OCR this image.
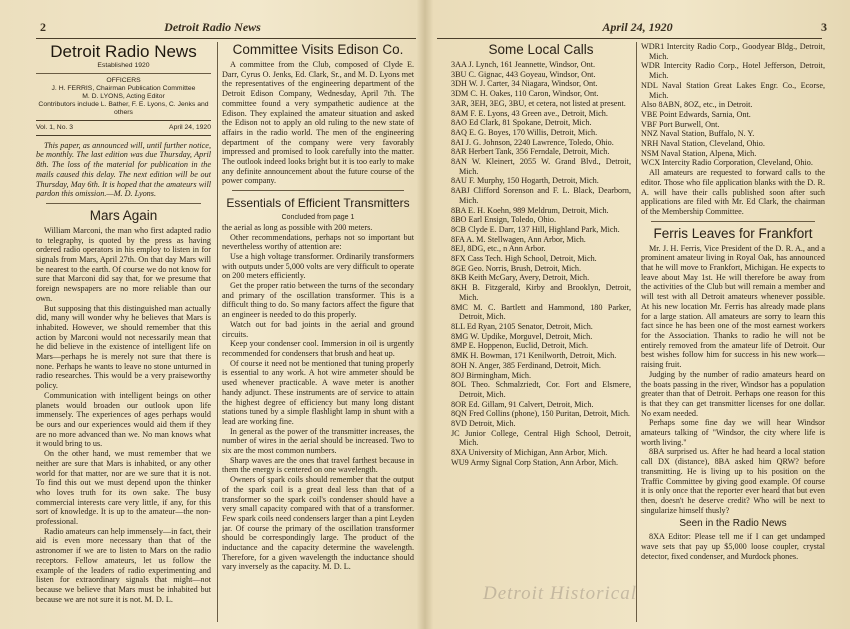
2	Detroit Radio News
Detroit Radio News
Established 1920
OFFICERS
J. H. FERRIS, Chairman Publication Committee
M. D. LYONS, Acting Editor
Contributors include L. Bather, F. E. Lyons, C. Jenks and others
Vol. 1, No. 3	April 24, 1920

This paper, as announced will, until further notice, be monthly. The last edition was due Thursday, April 8th. The loss of the material for publication in the mails caused this delay. The next edition will be out Thursday, May 6th. It is hoped that the amateurs will pardon this omission.—M. D. Lyons.

Mars Again

William Marconi, the man who first adapted radio to telegraphy, is quoted by the press as having ordered radio operators in his employ to listen in for signals from Mars, April 27th. On that day Mars will be nearest to the earth. Of course we do not know for sure that Marconi did say that, for we presume that foreign newspapers are no more reliable than our own.

But supposing that this distinguished man actually did, many will wonder why he believes that Mars is inhabited. However, we should remember that this action by Marconi would not necessarily mean that he did believe in the existence of intelligent life on Mars—perhaps he is merely not sure that there is none. Perhaps he wants to leave no stone unturned in radio researches. This would be a very praiseworthy policy.

Communication with intelligent beings on other planets would broaden our outlook upon life immensely. The experiences of ages perhaps would be ours and our experiences would aid them if they are no more advanced than we. No man knows what it would bring to us.

On the other hand, we must remember that we neither are sure that Mars is inhabited, or any other world for that matter, nor are we sure that it is not. To find this out we must depend upon the thinker who loves truth for its own sake. The busy commercial interests care very little, if any, for this sort of knowledge. It is up to the amateur—the non-professional.

Radio amateurs can help immensely—in fact, their aid is even more necessary than that of the astronomer if we are to listen to Mars on the radio receptors. Fellow amateurs, let us follow the example of the leaders of radio experimenting and listen for extraordinary signals that might—not because we believe that Mars must be inhabited but because we are not sure it is not. M. D. L.

Committee Visits Edison Co.

A committee from the Club, composed of Clyde E. Darr, Cyrus O. Jenks, Ed. Clark, Sr., and M. D. Lyons met the representatives of the engineering department of the Detroit Edison Company, Wednesday, April 7th. The committee found a very sympathetic audience at the Edison. They explained the amateur situation and asked the Edison not to apply an old ruling to the new state of affairs in the radio world. The men of the engineering department of the company were very favorably impressed and promised to look carefully into the matter. The outlook indeed looks bright but it is too early to make any definite announcement about the future course of the power company.

Essentials of Efficient Transmitters
Concluded from page 1

the aerial as long as possible with 200 meters.

Other recommendations, perhaps not so important but nevertheless worthy of attention are:

Use a high voltage transformer. Ordinarily transformers with outputs under 5,000 volts are very difficult to operate on 200 meters efficiently.

Get the proper ratio between the turns of the secondary and primary of the oscillation transformer. This is a difficult thing to do. So many factors affect the figure that an engineer is needed to do this properly.

Watch out for bad joints in the aerial and ground circuits.

Keep your condenser cool. Immersion in oil is urgently recommended for condensers that brush and heat up.

Of course it need not be mentioned that tuning properly is essential to any work. A hot wire ammeter should be used whenever practicable. A wave meter is another handy adjunct. These instruments are of service to attain the highest degree of efficiency but many long distant stations tuned by a simple flashlight lamp in shunt with a lead are working fine.

In general as the power of the transmitter increases, the number of wires in the aerial should be increased. Two to six are the most common numbers.

Sharp waves are the ones that travel farthest because in them the energy is centered on one wavelength.

Owners of spark coils should remember that the output of the spark coil is a great deal less than that of a transformer so the spark coil's condenser should have a very small capacity compared with that of a transformer. Few spark coils need condensers larger than a pint Leyden jar. Of course the primary of the oscillation transformer should be correspondingly large. The product of the inductance and the capacity determine the wavelength. Therefore, for a given wavelength the inductance should vary inversely as the capacity. M. D. L.

April 24, 1920	3
Some Local Calls

3AA J. Lynch, 161 Jeannette, Windsor, Ont.

3BU C. Gignac, 443 Goyeau, Windsor, Ont.

3DH W. J. Carter, 34 Niagara, Windsor, Ont.

3DM C. H. Oakes, 110 Caron, Windsor, Ont.

3AR, 3EH, 3EG, 3BU, et cetera, not listed at present.

8AM F. E. Lyons, 43 Green ave., Detroit, Mich.

8AO Ed Clark, 81 Spokane, Detroit, Mich.

8AQ E. G. Boyes, 170 Willis, Detroit, Mich.

8AI J. G. Johnson, 2240 Lawrence, Toledo, Ohio.

8AR Herbert Tank, 356 Ferndale, Detroit, Mich.

8AN W. Kleinert, 2055 W. Grand Blvd., Detroit, Mich.

8AU F. Murphy, 150 Hogarth, Detroit, Mich.

8ABJ Clifford Sorenson and F. L. Black, Dearborn, Mich.

8BA E. H. Koehn, 989 Meldrum, Detroit, Mich.

8BO Earl Ensign, Toledo, Ohio.

8CB Clyde E. Darr, 137 Hill, Highland Park, Mich.

8FA A. M. Stellwagen, Ann Arbor, Mich.

8EJ, 8DG, etc., n Ann Arbor.

8FX Cass Tech. High School, Detroit, Mich.

8GE Geo. Norris, Brush, Detroit, Mich.

8KB Keith McGary, Avery, Detroit, Mich.

8KH B. Fitzgerald, Kirby and Brooklyn, Detroit, Mich.

8MC M. C. Bartlett and Hammond, 180 Parker, Detroit, Mich.

8LL Ed Ryan, 2105 Senator, Detroit, Mich.

8MG W. Updike, Morguvel, Detroit, Mich.

8MP E. Hoppenon, Euclid, Detroit, Mich.

8MK H. Bowman, 171 Kenilworth, Detroit, Mich.

8OH N. Anger, 385 Ferdinand, Detroit, Mich.

8OJ Birmingham, Mich.

8OL Theo. Schmalzriedt, Cor. Fort and Elsmere, Detroit, Mich.

8OR Ed. Gillam, 91 Calvert, Detroit, Mich.

8QN Fred Collins (phone), 150 Puritan, Detroit, Mich.

8VD Detroit, Mich.

JC Junior College, Central High School, Detroit, Mich.

8XA University of Michigan, Ann Arbor, Mich.

WU9 Army Signal Corp Station, Ann Arbor, Mich.

WDR1 Intercity Radio Corp., Goodyear Bldg., Detroit, Mich.

WDR Intercity Radio Corp., Hotel Jefferson, Detroit, Mich.

NDL Naval Station Great Lakes Engr. Co., Ecorse, Mich.

Also 8ABN, 8OZ, etc., in Detroit.

VBE Point Edwards, Sarnia, Ont.

VBF Port Burwell, Ont.

NNZ Naval Station, Buffalo, N. Y.

NRH Naval Station, Cleveland, Ohio.

NSM Naval Station, Alpena, Mich.

WCX Intercity Radio Corporation, Cleveland, Ohio.

All amateurs are requested to forward calls to the editor. Those who file application blanks with the D. R. A. will have their calls published soon after such applications are filed with Mr. Ed Clark, the chairman of the Membership Committee.

Ferris Leaves for Frankfort

Mr. J. H. Ferris, Vice President of the D. R. A., and a prominent amateur living in Royal Oak, has announced that he will move to Frankfort, Michigan. He expects to leave about May 1st. He will therefore be away from the activities of the Club but will remain a member and will test with all Detroit amateurs whenever possible. At his new location Mr. Ferris has already made plans for a large station. All amateurs are sorry to learn this fact since he has been one of the most earnest workers for the Association. Thanks to radio he will not be entirely removed from the amateur life of Detroit. Our best wishes follow him for success in his new work—raising fruit.

Judging by the number of radio amateurs heard on the boats passing in the river, Windsor has a population greater than that of Detroit. Perhaps one reason for this is that they can get transmitter licenses for one dollar. No exam needed.

Perhaps some fine day we will hear Windsor amateurs talking of "Windsor, the city where life is worth living."

8BA surprised us. After he had heard a local station call DX (distance), 8BA asked him QRW? before transmitting. He is living up to his position on the Traffic Committee by giving good example. Of course it is only once that the reporter ever heard that but even then, doesn't he deserve credit? Who will be next to singularize himself thusly?

Seen in the Radio News

8XA Editor: Please tell me if I can get undamped wave sets that pay up $5,000 loose coupler, crystal detector, fixed condenser, and Murdock phones.

Detroit Historical
